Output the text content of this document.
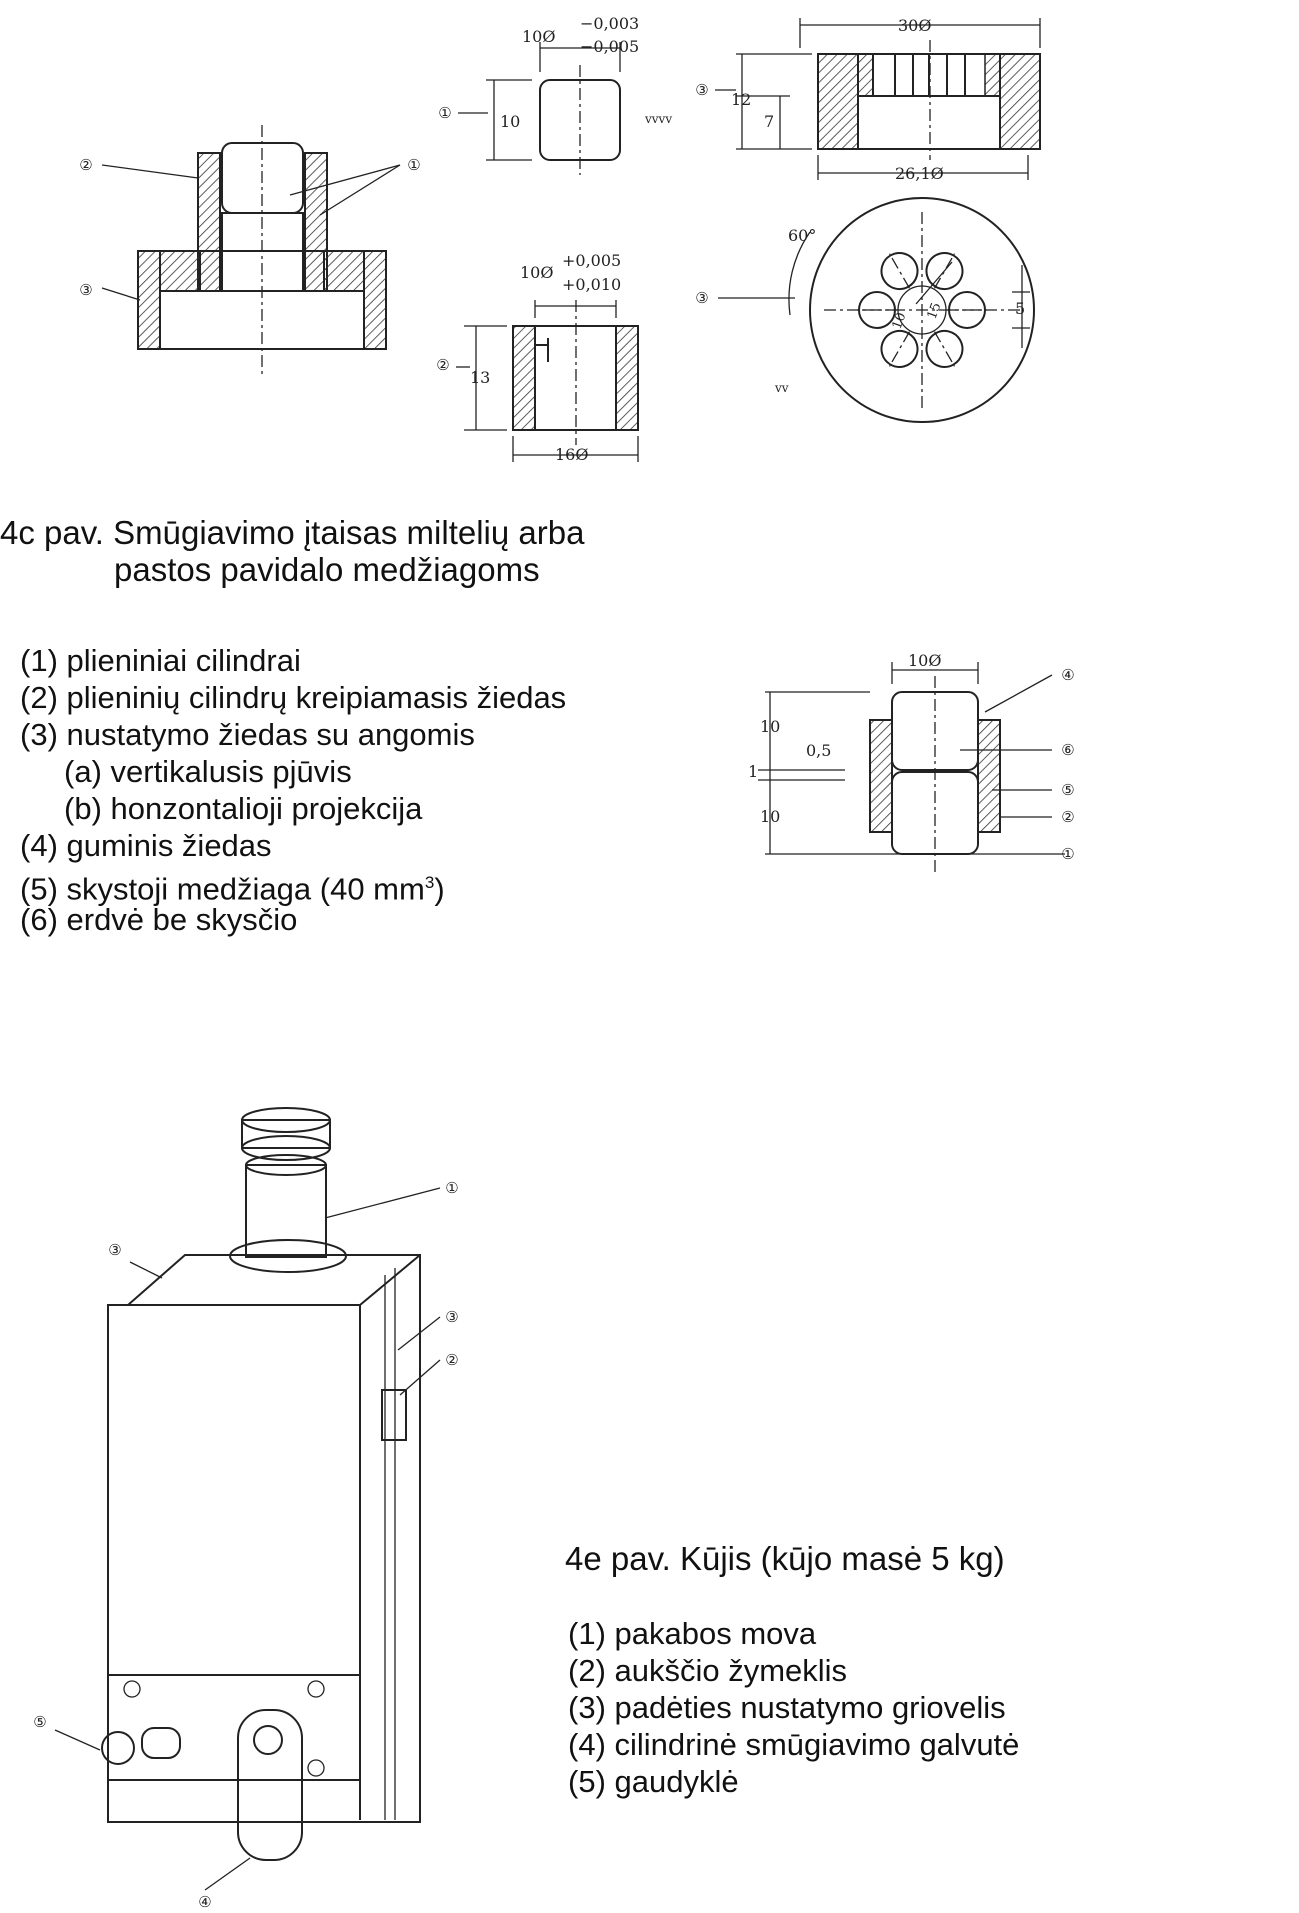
②	①
③
10Ø
−0,003
−0,005
10
①	vvvv
10Ø
+0,005
+0,010
13
②
16Ø
30Ø
12
7
③
26,1Ø
60°
5
10 15
③
vv
10Ø
10
10
1
0,5
④
⑥
⑤
②
①
①
③
②
③
⑤
④
4c pav. Smūgiavimo įtaisas miltelių arba
pastos pavidalo medžiagoms
(1) plieniniai cilindrai
(2) plieninių cilindrų kreipiamasis žiedas
(3) nustatymo žiedas su angomis
(a) vertikalusis pjūvis
(b) honzontalioji projekcija
(4) guminis žiedas
(5) skystoji medžiaga (40 $mm^3$)
(6) erdvė be skysčio
4e pav. Kūjis (kūjo masė 5 kg)
(1) pakabos mova
(2) aukščio žymeklis
(3) padėties nustatymo griovelis
(4) cilindrinė smūgiavimo galvutė
(5) gaudyklė
